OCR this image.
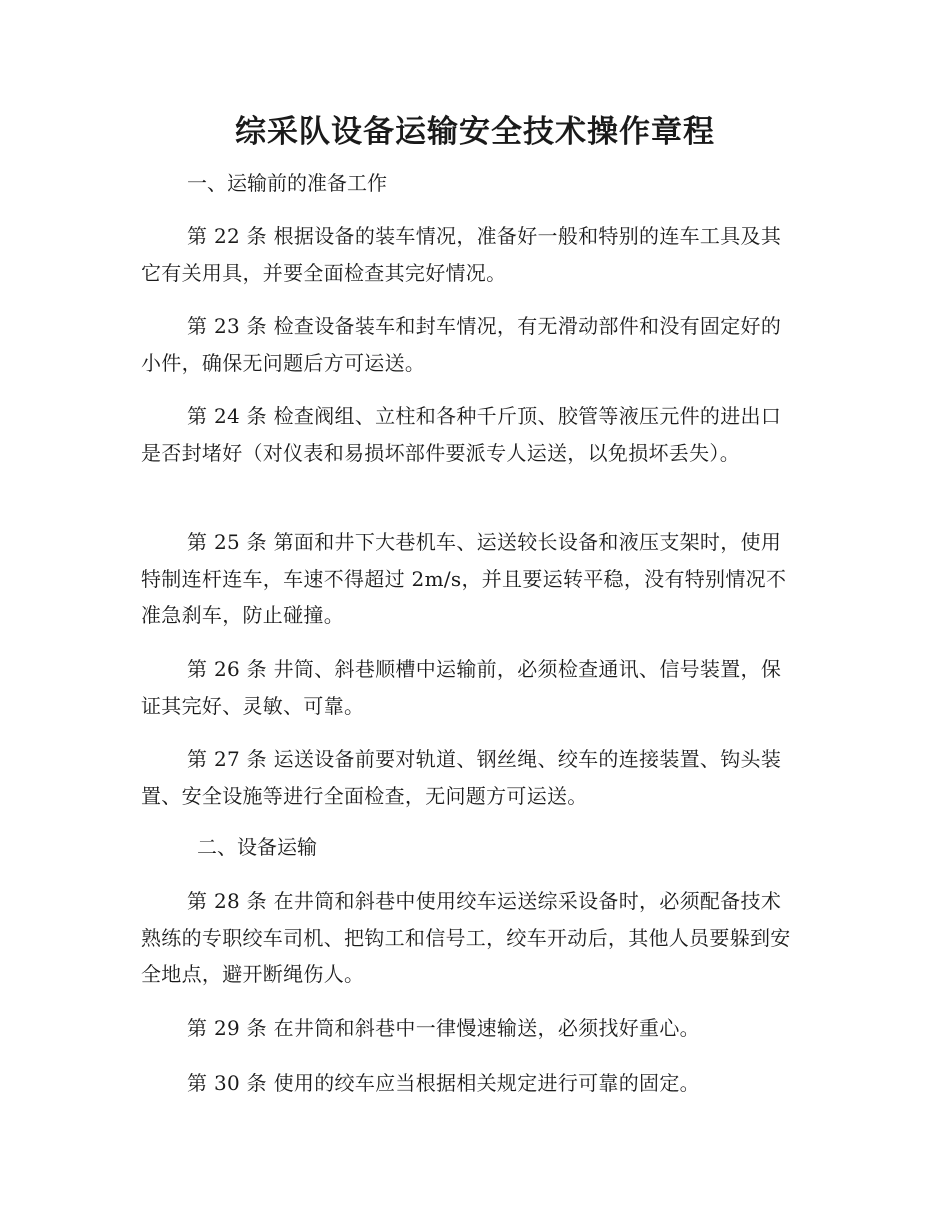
综采队设备运输安全技术操作章程

一、运输前的准备工作

第 22 条 根据设备的装车情况，准备好一般和特别的连车工具及其它有关用具，并要全面检查其完好情况。

第 23 条 检查设备装车和封车情况，有无滑动部件和没有固定好的小件，确保无问题后方可运送。

第 24 条 检查阀组、立柱和各种千斤顶、胶管等液压元件的进出口是否封堵好（对仪表和易损坏部件要派专人运送，以免损坏丢失）。

第 25 条 第面和井下大巷机车、运送较长设备和液压支架时，使用特制连杆连车，车速不得超过 2m/s，并且要运转平稳，没有特别情况不准急刹车，防止碰撞。

第 26 条 井筒、斜巷顺槽中运输前，必须检查通讯、信号装置，保证其完好、灵敏、可靠。

第 27 条 运送设备前要对轨道、钢丝绳、绞车的连接装置、钩头装置、安全设施等进行全面检查，无问题方可运送。

二、设备运输

第 28 条 在井筒和斜巷中使用绞车运送综采设备时，必须配备技术熟练的专职绞车司机、把钩工和信号工，绞车开动后，其他人员要躲到安全地点，避开断绳伤人。

第 29 条 在井筒和斜巷中一律慢速输送，必须找好重心。

第 30 条 使用的绞车应当根据相关规定进行可靠的固定。
